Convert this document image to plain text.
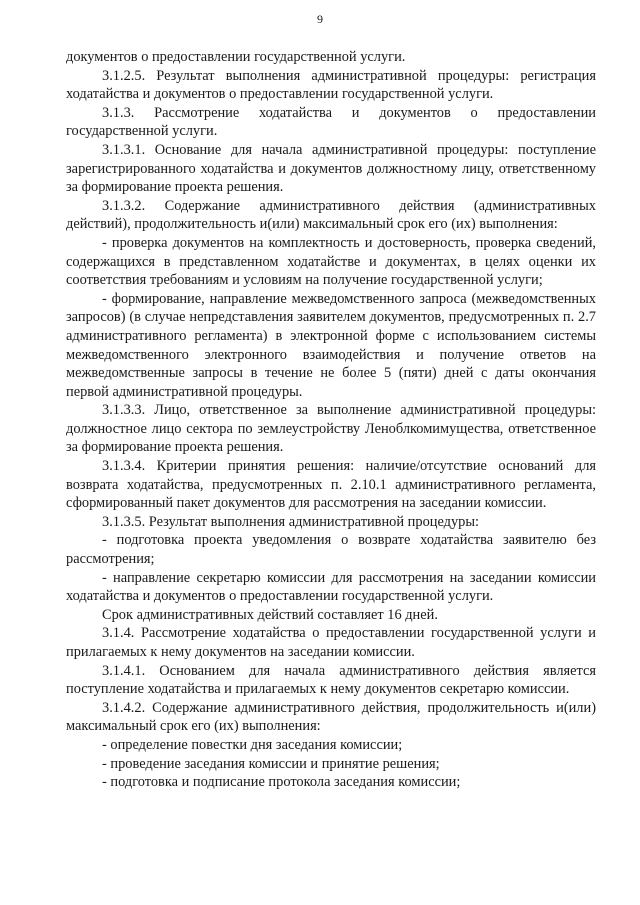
9

документов о предоставлении государственной услуги.

3.1.2.5. Результат выполнения административной процедуры: регистрация ходатайства и документов о предоставлении государственной услуги.

3.1.3. Рассмотрение ходатайства и документов о предоставлении государственной услуги.

3.1.3.1. Основание для начала административной процедуры: поступление зарегистрированного ходатайства и документов должностному лицу, ответственному за формирование проекта решения.

3.1.3.2. Содержание административного действия (административных действий), продолжительность и(или) максимальный срок его (их) выполнения:

- проверка документов на комплектность и достоверность, проверка сведений, содержащихся в представленном ходатайстве и документах, в целях оценки их соответствия требованиям и условиям на получение государственной услуги;

- формирование, направление межведомственного запроса (межведомственных запросов) (в случае непредставления заявителем документов, предусмотренных п. 2.7 административного регламента) в электронной форме с использованием системы межведомственного электронного взаимодействия и получение ответов на межведомственные запросы в течение не более 5 (пяти) дней с даты окончания первой административной процедуры.

3.1.3.3. Лицо, ответственное за выполнение административной процедуры: должностное лицо сектора по землеустройству Леноблкомимущества, ответственное за формирование проекта решения.

3.1.3.4. Критерии принятия решения: наличие/отсутствие оснований для возврата ходатайства, предусмотренных п. 2.10.1 административного регламента, сформированный пакет документов для рассмотрения на заседании комиссии.

3.1.3.5. Результат выполнения административной процедуры:

- подготовка проекта уведомления о возврате ходатайства заявителю без рассмотрения;

- направление секретарю комиссии для рассмотрения на заседании комиссии ходатайства и документов о предоставлении государственной услуги.

Срок административных действий составляет 16 дней.

3.1.4. Рассмотрение ходатайства о предоставлении государственной услуги и прилагаемых к нему документов на заседании комиссии.

3.1.4.1. Основанием для начала административного действия является поступление ходатайства и прилагаемых к нему документов секретарю комиссии.

3.1.4.2. Содержание административного действия, продолжительность и(или) максимальный срок его (их) выполнения:

- определение повестки дня заседания комиссии;

- проведение заседания комиссии и принятие решения;

- подготовка и подписание протокола заседания комиссии;
